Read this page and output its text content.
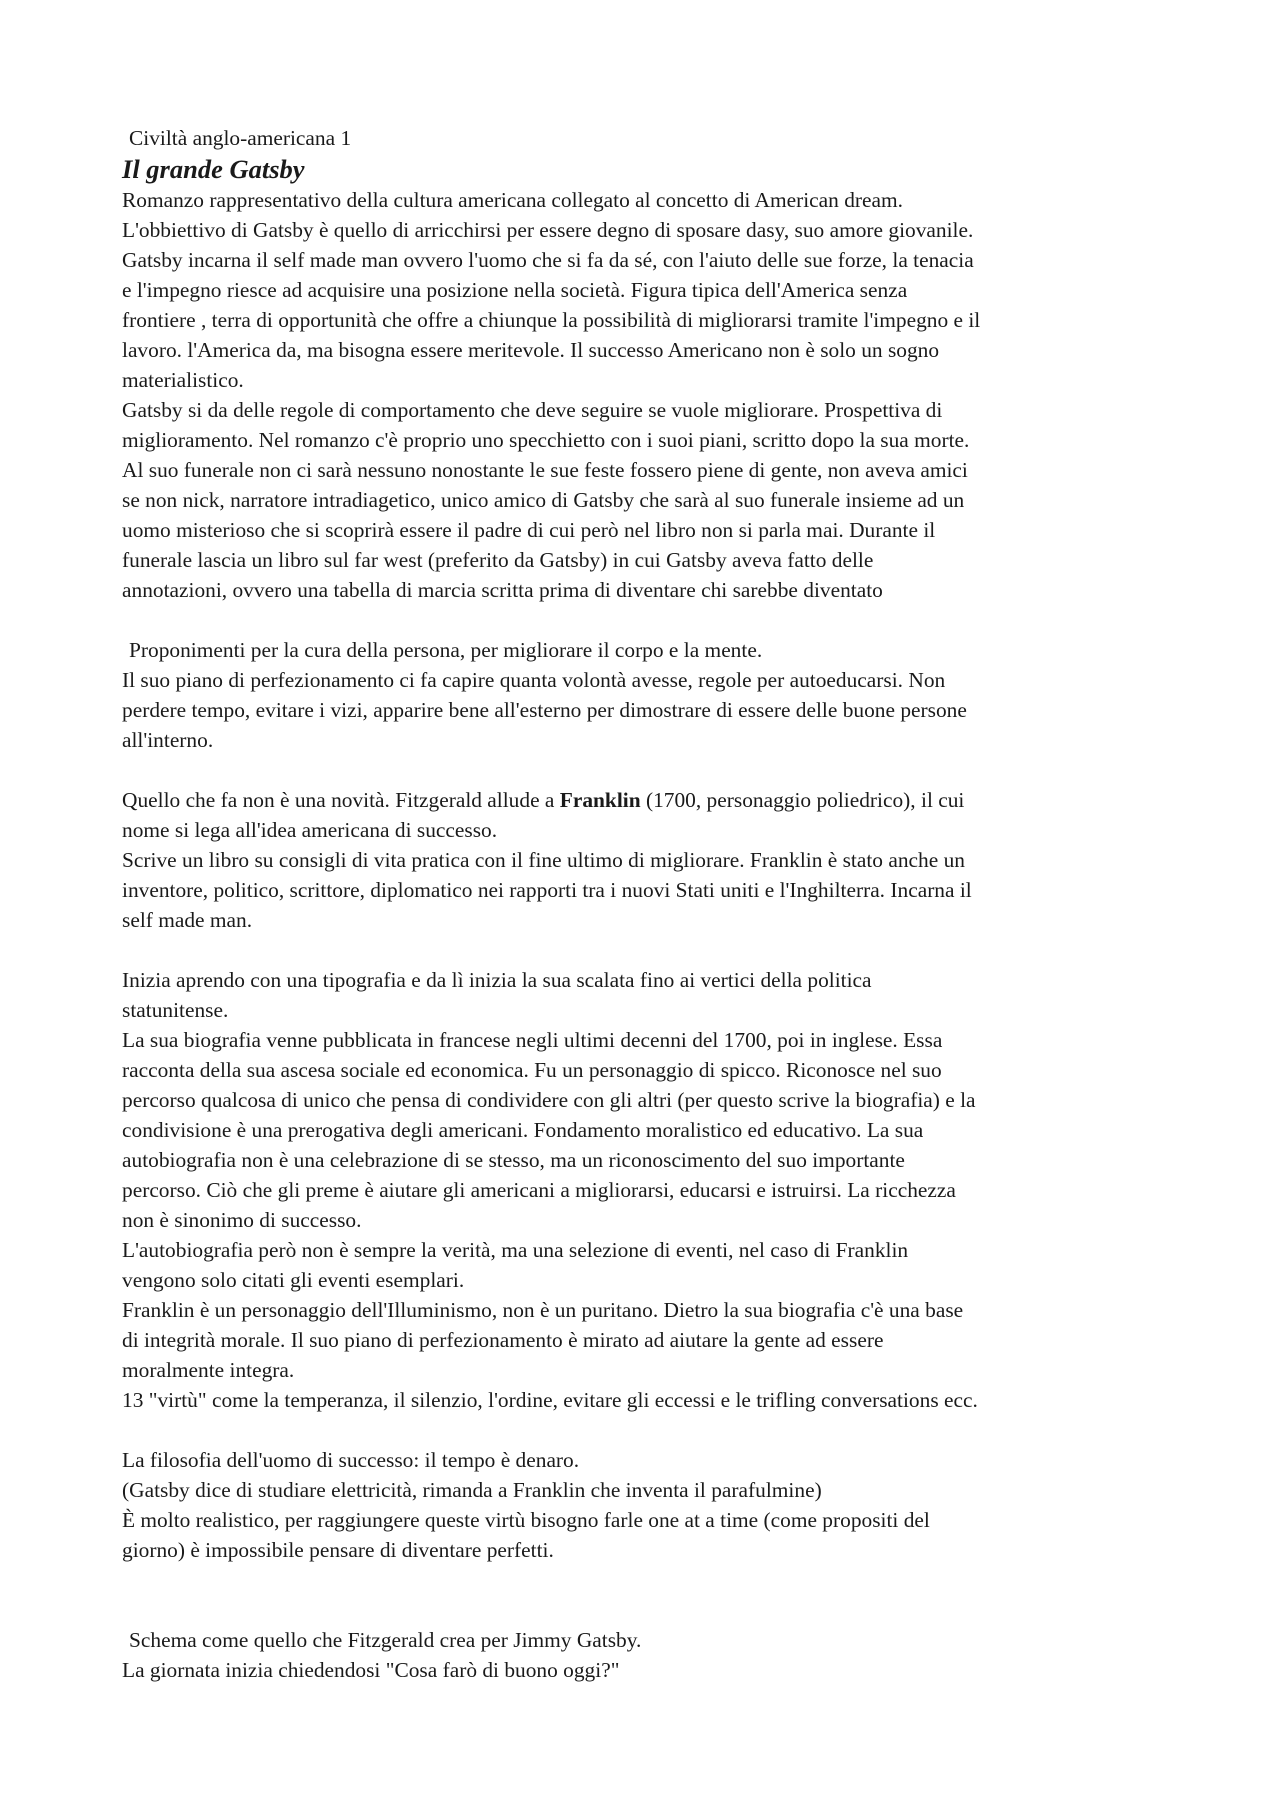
Civiltà anglo-americana 1
Il grande Gatsby
Romanzo rappresentativo della cultura americana collegato al concetto di American dream.
L'obbiettivo di Gatsby è quello di arricchirsi per essere degno di sposare dasy, suo amore giovanile.
Gatsby incarna il self made man ovvero l'uomo che si fa da sé, con l'aiuto delle sue forze, la tenacia
e l'impegno riesce ad acquisire una posizione nella società. Figura tipica dell'America senza
frontiere , terra di opportunità che offre a chiunque la possibilità di migliorarsi tramite l'impegno e il
lavoro. l'America da, ma bisogna essere meritevole. Il successo Americano non è solo un sogno
materialistico.
Gatsby si da delle regole di comportamento che deve seguire se vuole migliorare. Prospettiva di
miglioramento. Nel romanzo c'è proprio uno specchietto con i suoi piani, scritto dopo la sua morte.
Al suo funerale non ci sarà nessuno nonostante le sue feste fossero piene di gente, non aveva amici
se non nick, narratore intradiagetico, unico amico di Gatsby che sarà al suo funerale insieme ad un
uomo misterioso che si scoprirà essere il padre di cui però nel libro non si parla mai. Durante il
funerale lascia un libro sul far west (preferito da Gatsby) in cui Gatsby aveva fatto delle
annotazioni, ovvero una tabella di marcia scritta prima di diventare chi sarebbe diventato
Proponimenti per la cura della persona, per migliorare il corpo e la mente.
Il suo piano di perfezionamento ci fa capire quanta volontà avesse, regole per autoeducarsi. Non
perdere tempo, evitare i vizi, apparire bene all'esterno per dimostrare di essere delle buone persone
all'interno.
Quello che fa non è una novità. Fitzgerald allude a Franklin (1700, personaggio poliedrico), il cui
nome si lega all'idea americana di successo.
Scrive un libro su consigli di vita pratica con il fine ultimo di migliorare. Franklin è stato anche un
inventore, politico, scrittore, diplomatico nei rapporti tra i nuovi Stati uniti e l'Inghilterra. Incarna il
self made man.
Inizia aprendo con una tipografia e da lì inizia la sua scalata fino ai vertici della politica
statunitense.
La sua biografia venne pubblicata in francese negli ultimi decenni del 1700, poi in inglese. Essa
racconta della sua ascesa sociale ed economica. Fu un personaggio di spicco. Riconosce nel suo
percorso qualcosa di unico che pensa di condividere con gli altri (per questo scrive la biografia) e la
condivisione è una prerogativa degli americani. Fondamento moralistico ed educativo. La sua
autobiografia non è una celebrazione di se stesso, ma un riconoscimento del suo importante
percorso. Ciò che gli preme è aiutare gli americani a migliorarsi, educarsi e istruirsi. La ricchezza
non è sinonimo di successo.
L'autobiografia però non è sempre la verità, ma una selezione di eventi, nel caso di Franklin
vengono solo citati gli eventi esemplari.
Franklin è un personaggio dell'Illuminismo, non è un puritano. Dietro la sua biografia c'è una base
di integrità morale. Il suo piano di perfezionamento è mirato ad aiutare la gente ad essere
moralmente integra.
13 "virtù" come la temperanza, il silenzio, l'ordine, evitare gli eccessi e le trifling conversations ecc.
La filosofia dell'uomo di successo: il tempo è denaro.
(Gatsby dice di studiare elettricità, rimanda a Franklin che inventa il parafulmine)
È molto realistico, per raggiungere queste virtù bisogno farle one at a time (come propositi del
giorno) è impossibile pensare di diventare perfetti.
Schema come quello che Fitzgerald crea per Jimmy Gatsby.
La giornata inizia chiedendosi "Cosa farò di buono oggi?"
